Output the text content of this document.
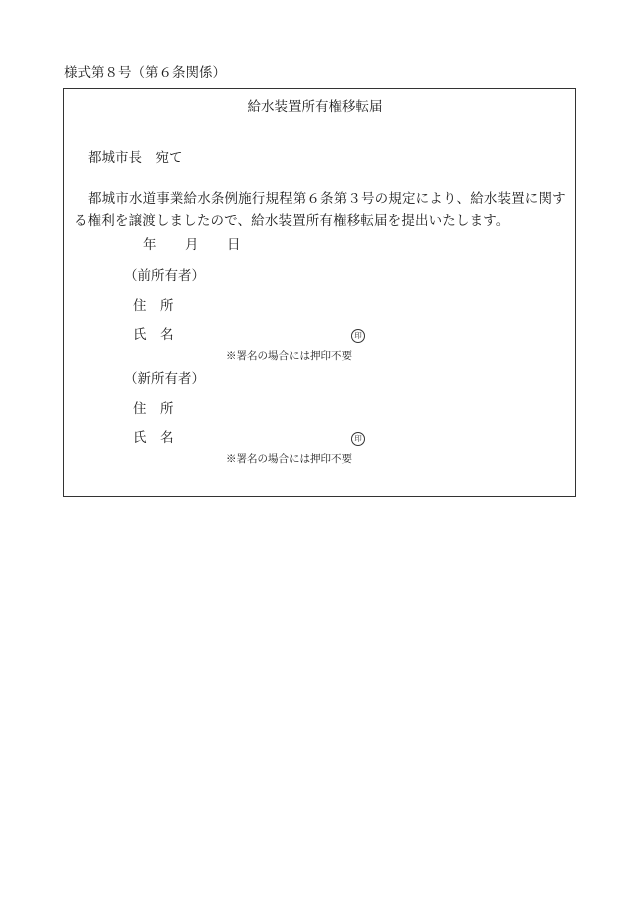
様式第８号（第６条関係）
給水装置所有権移転届
都城市長　宛て
都城市水道事業給水条例施行規程第６条第３号の規定により、給水装置に関する権利を譲渡しましたので、給水装置所有権移転届を提出いたします。
年 月 日
（前所有者）
住　所
氏　名	印
※署名の場合には押印不要
（新所有者）
住　所
氏　名	印
※署名の場合には押印不要
